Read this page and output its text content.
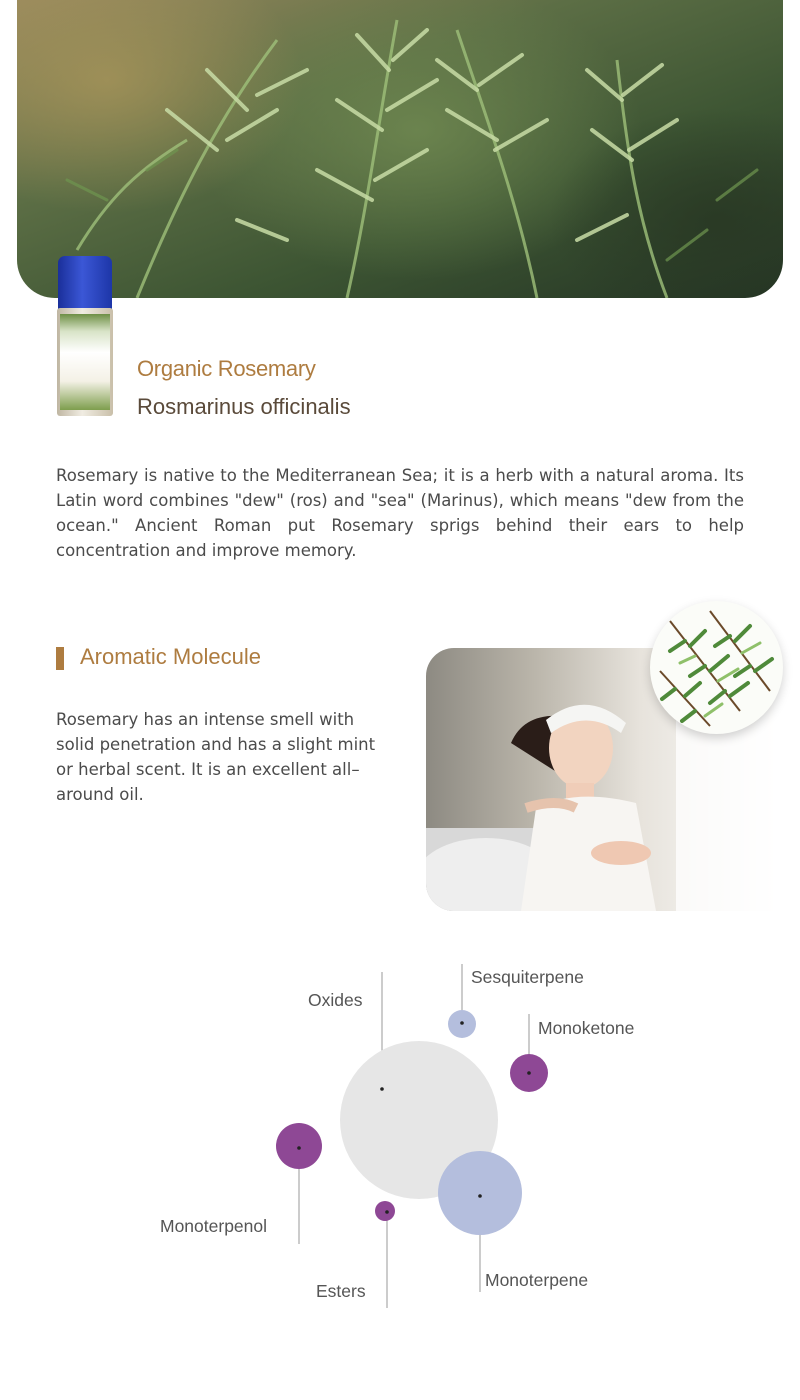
Organic Rosemary
Rosmarinus officinalis

Rosemary is native to the Mediterranean Sea; it is a herb with a natural aroma. Its Latin word combines "dew" (ros) and "sea" (Marinus), which means "dew from the ocean." Ancient Roman put Rosemary sprigs behind their ears to help concentration and improve memory.

Aromatic Molecule

Rosemary has an intense smell with solid penetration and has a slight mint or herbal scent. It is an excellent all–around oil.

Oxides
Sesquiterpene
Monoketone
Monoterpenol
Esters
Monoterpene
